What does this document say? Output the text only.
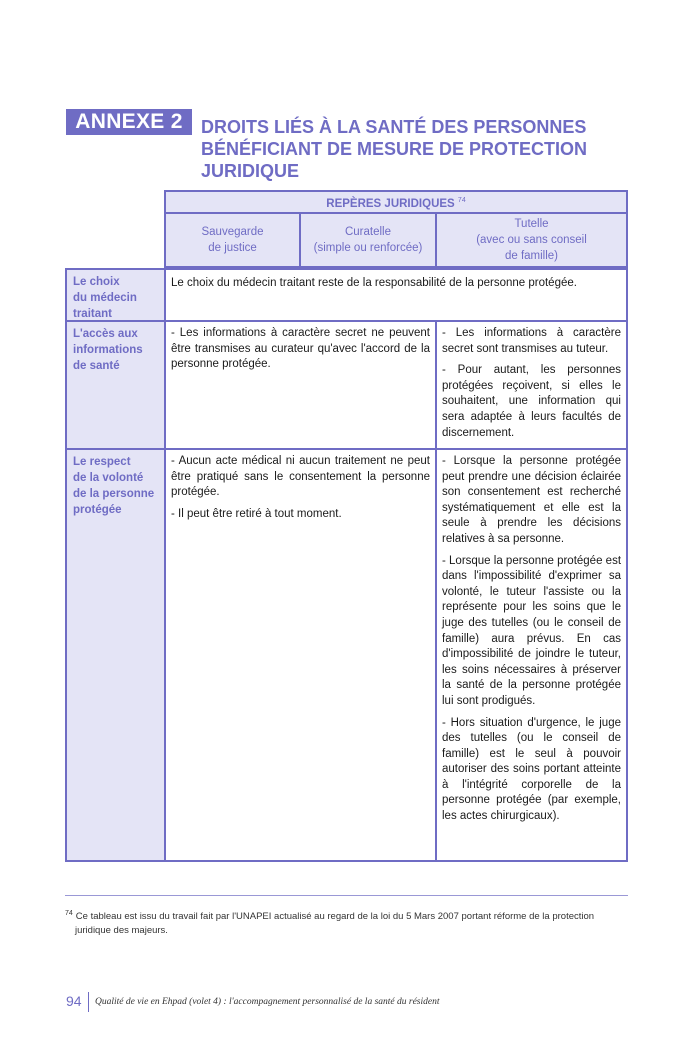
ANNEXE 2	DROITS LIÉS À LA SANTÉ DES PERSONNES
BÉNÉFICIANT DE MESURE DE PROTECTION
JURIDIQUE
REPÈRES JURIDIQUES $^{74}$
Sauvegarde
de justice
Curatelle
(simple ou renforcée)
Tutelle
(avec ou sans conseil
de famille)
Le choix
du médecin
traitant

Le choix du médecin traitant reste de la responsabilité de la personne protégée.

L'accès aux
informations
de santé

- Les informations à caractère secret ne peuvent être transmises au curateur qu'avec l'accord de la personne protégée.

- Les informations à caractère secret sont transmises au tuteur.

- Pour autant, les personnes protégées reçoivent, si elles le souhaitent, une information qui sera adaptée à leurs facultés de discernement.

Le respect
de la volonté
de la personne
protégée

- Aucun acte médical ni aucun traitement ne peut être pratiqué sans le consentement la personne protégée.

- Il peut être retiré à tout moment.

- Lorsque la personne protégée peut prendre une décision éclairée son consentement est recherché systématiquement et elle est la seule à prendre les décisions relatives à sa personne.

- Lorsque la personne protégée est dans l'impossibilité d'exprimer sa volonté, le tuteur l'assiste ou la représente pour les soins que le juge des tutelles (ou le conseil de famille) aura prévus. En cas d'impossibilité de joindre le tuteur, les soins nécessaires à préserver la santé de la personne protégée lui sont prodigués.

- Hors situation d'urgence, le juge des tutelles (ou le conseil de famille) est le seul à pouvoir autoriser des soins portant atteinte à l'intégrité corporelle de la personne protégée (par exemple, les actes chirurgicaux).

$^{74}$ Ce tableau est issu du travail fait par l'UNAPEI actualisé au regard de la loi du 5 Mars 2007 portant réforme de la protection juridique des majeurs.
94 Qualité de vie en Ehpad (volet 4) : l'accompagnement personnalisé de la santé du résident
